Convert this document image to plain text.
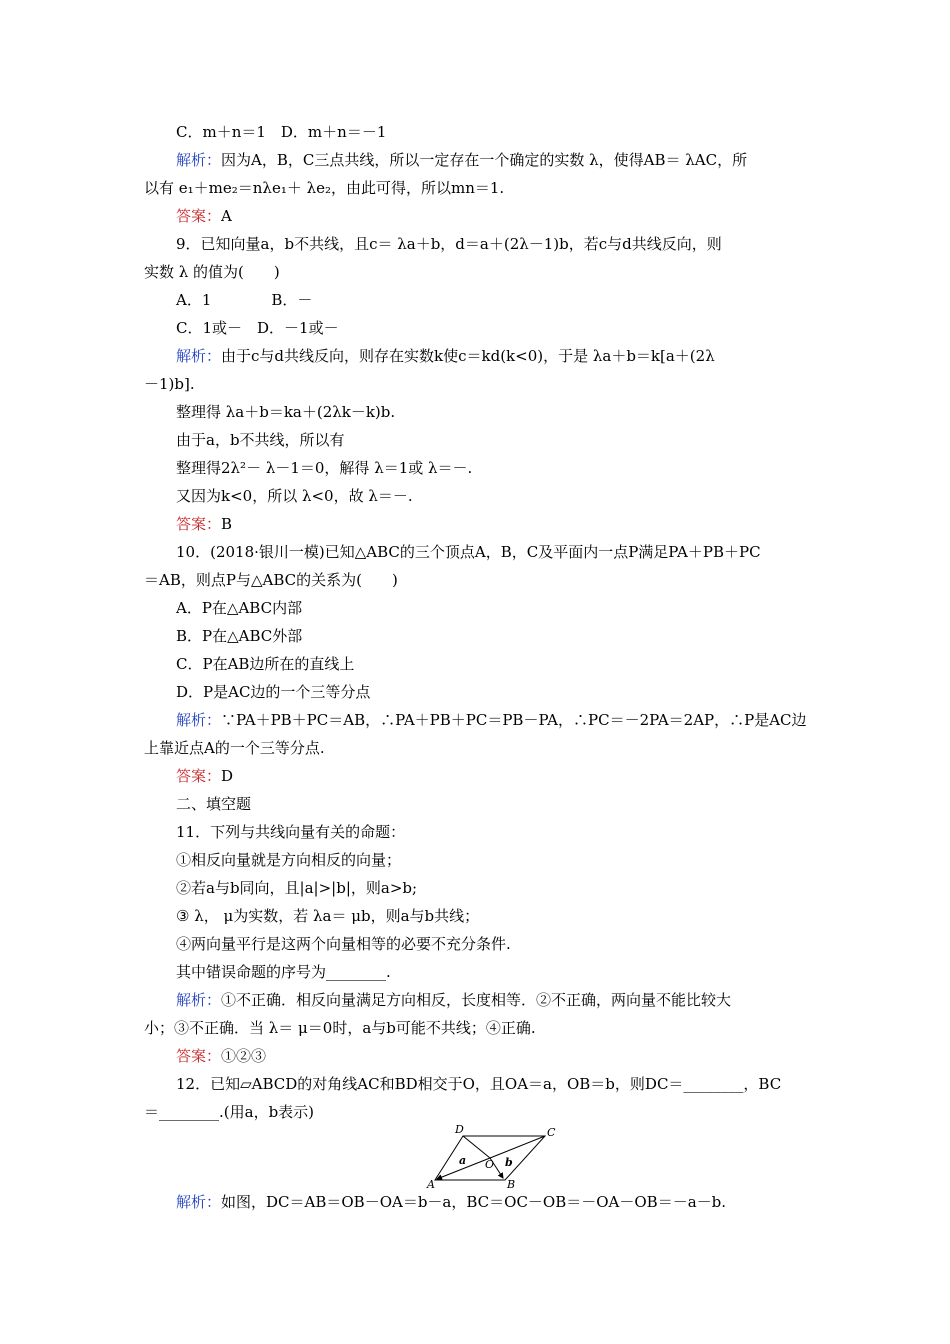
C．m＋n＝1　D．m＋n＝－1
解析：因为A，B，C三点共线，所以一定存在一个确定的实数 λ，使得AB＝ λAC，所
以有 e₁＋me₂＝nλe₁＋ λe₂，由此可得，所以mn＝1.
答案：A
9．已知向量a，b不共线，且c＝ λa＋b，d＝a＋(2λ－1)b，若c与d共线反向，则
实数 λ 的值为(　　)
A．1　　　　B．－
C．1或－　D．－1或－
解析：由于c与d共线反向，则存在实数k使c＝kd(k<0)，于是 λa＋b＝k[a＋(2λ
－1)b].
整理得 λa＋b＝ka＋(2λk－k)b.
由于a，b不共线，所以有
整理得2λ²－ λ－1＝0，解得 λ＝1或 λ＝－.
又因为k<0，所以 λ<0，故 λ＝－.
答案：B
10．(2018·银川一模)已知△ABC的三个顶点A，B，C及平面内一点P满足PA＋PB＋PC
＝AB，则点P与△ABC的关系为(　　)
A．P在△ABC内部
B．P在△ABC外部
C．P在AB边所在的直线上
D．P是AC边的一个三等分点
解析：∵PA＋PB＋PC＝AB，∴PA＋PB＋PC＝PB－PA，∴PC＝－2PA＝2AP，∴P是AC边
上靠近点A的一个三等分点.
答案：D
二、填空题
11．下列与共线向量有关的命题：
①相反向量就是方向相反的向量；
②若a与b同向，且|a|>|b|，则a>b;
③ λ， μ为实数，若 λa＝ μb，则a与b共线；
④两向量平行是这两个向量相等的必要不充分条件.
其中错误命题的序号为________.
解析：①不正确．相反向量满足方向相反，长度相等．②不正确，两向量不能比较大
小；③不正确．当 λ＝ μ＝0时，a与b可能不共线；④正确.
答案：①②③
12．已知▱ABCD的对角线AC和BD相交于O，且OA＝a，OB＝b，则DC＝________，BC
＝________.(用a，b表示)
解析：如图，DC＝AB＝OB－OA＝b－a，BC＝OC－OB＝－OA－OB＝－a－b.
D	C
A	B
O
a	b
